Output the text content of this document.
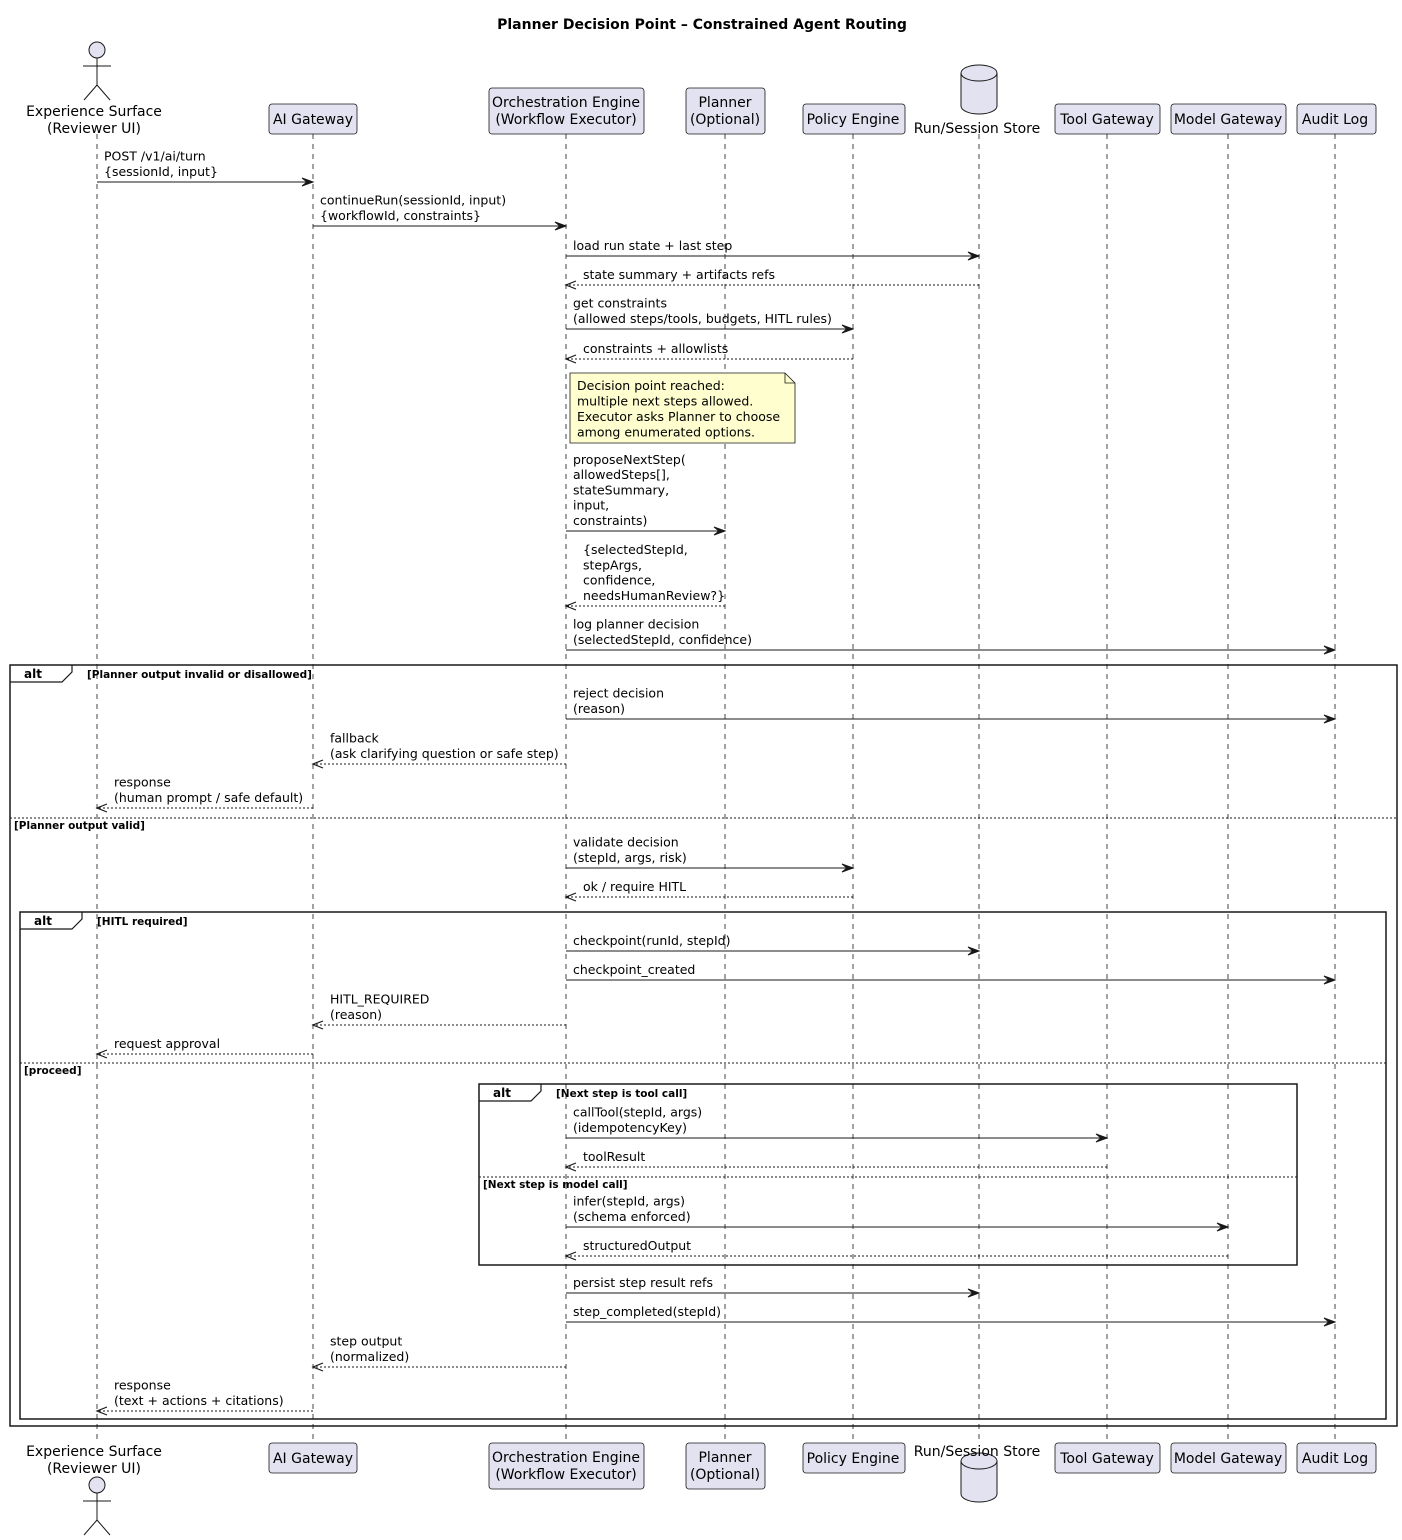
Planner Decision Point – Constrained Agent Routing
alt	[Planner output invalid or disallowed]
[Planner output valid]
alt	[HITL required]
[proceed]
alt	[Next step is tool call]
[Next step is model call]
Experience Surface
(Reviewer UI)
Experience Surface
(Reviewer UI)
AI Gateway
AI Gateway
Orchestration Engine
(Workflow Executor)
Orchestration Engine
(Workflow Executor)
Planner
(Optional)
Planner
(Optional)
Policy Engine
Policy Engine
Run/Session Store
Run/Session Store
Tool Gateway
Tool Gateway
Model Gateway
Model Gateway
Audit Log
Audit Log
Decision point reached:
multiple next steps allowed.
Executor asks Planner to choose
among enumerated options.
POST /v1/ai/turn
{sessionId, input}
continueRun(sessionId, input)
{workflowId, constraints}
load run state + last step
state summary + artifacts refs
get constraints
(allowed steps/tools, budgets, HITL rules)
constraints + allowlists
proposeNextStep(
allowedSteps[],
stateSummary,
input,
constraints)
{selectedStepId,
stepArgs,
confidence,
needsHumanReview?}
log planner decision
(selectedStepId, confidence)
reject decision
(reason)
fallback
(ask clarifying question or safe step)
response
(human prompt / safe default)
validate decision
(stepId, args, risk)
ok / require HITL
checkpoint(runId, stepId)
checkpoint_created
HITL_REQUIRED
(reason)
request approval
callTool(stepId, args)
(idempotencyKey)
toolResult
infer(stepId, args)
(schema enforced)
structuredOutput
persist step result refs
step_completed(stepId)
step output
(normalized)
response
(text + actions + citations)
